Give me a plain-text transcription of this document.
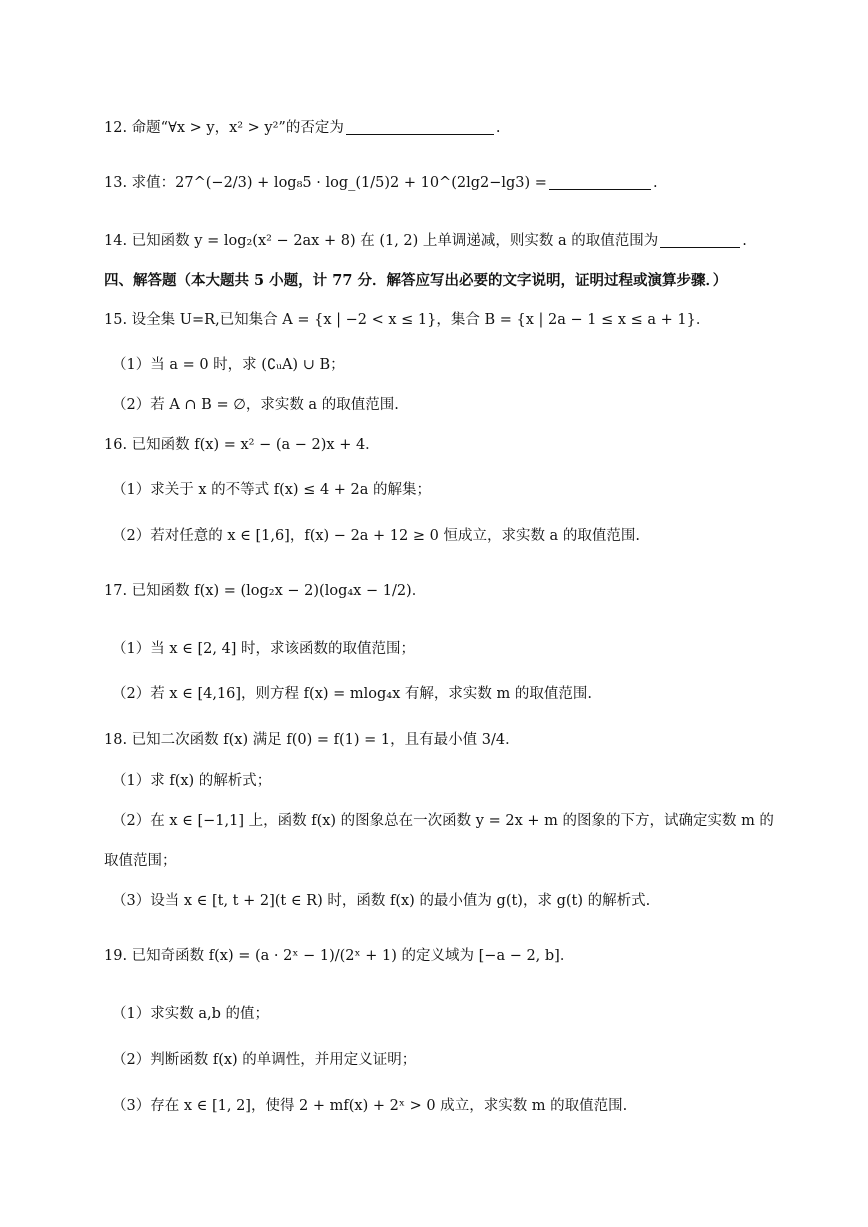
12. 命题“∀x > y，x² > y²”的否定为	.
13. 求值：27^(−2/3) + log₈5 · log_(1/5)2 + 10^(2lg2−lg3) =	.
14. 已知函数 y = log₂(x² − 2ax + 8) 在 (1, 2) 上单调递减，则实数 a 的取值范围为	.
四、解答题（本大题共 5 小题，计 77 分．解答应写出必要的文字说明，证明过程或演算步骤．）
15. 设全集 U=R,已知集合 A = {x | −2 < x ≤ 1}，集合 B = {x | 2a − 1 ≤ x ≤ a + 1}．
（1）当 a = 0 时，求 (∁ᵤA) ∪ B；
（2）若 A ∩ B = ∅，求实数 a 的取值范围.
16. 已知函数 f(x) = x² − (a − 2)x + 4．
（1）求关于 x 的不等式 f(x) ≤ 4 + 2a 的解集；
（2）若对任意的 x ∈ [1,6]，f(x) − 2a + 12 ≥ 0 恒成立，求实数 a 的取值范围.
17. 已知函数 f(x) = (log₂x − 2)(log₄x − 1/2)．
（1）当 x ∈ [2, 4] 时，求该函数的取值范围；
（2）若 x ∈ [4,16]，则方程 f(x) = mlog₄x 有解，求实数 m 的取值范围.
18. 已知二次函数 f(x) 满足 f(0) = f(1) = 1，且有最小值 3/4．
（1）求 f(x) 的解析式；
（2）在 x ∈ [−1,1] 上，函数 f(x) 的图象总在一次函数 y = 2x + m 的图象的下方，试确定实数 m 的
取值范围；
（3）设当 x ∈ [t, t + 2](t ∈ R) 时，函数 f(x) 的最小值为 g(t)，求 g(t) 的解析式.
19. 已知奇函数 f(x) = (a · 2ˣ − 1)/(2ˣ + 1) 的定义域为 [−a − 2, b]．
（1）求实数 a,b 的值；
（2）判断函数 f(x) 的单调性，并用定义证明；
（3）存在 x ∈ [1, 2]，使得 2 + mf(x) + 2ˣ > 0 成立，求实数 m 的取值范围.
